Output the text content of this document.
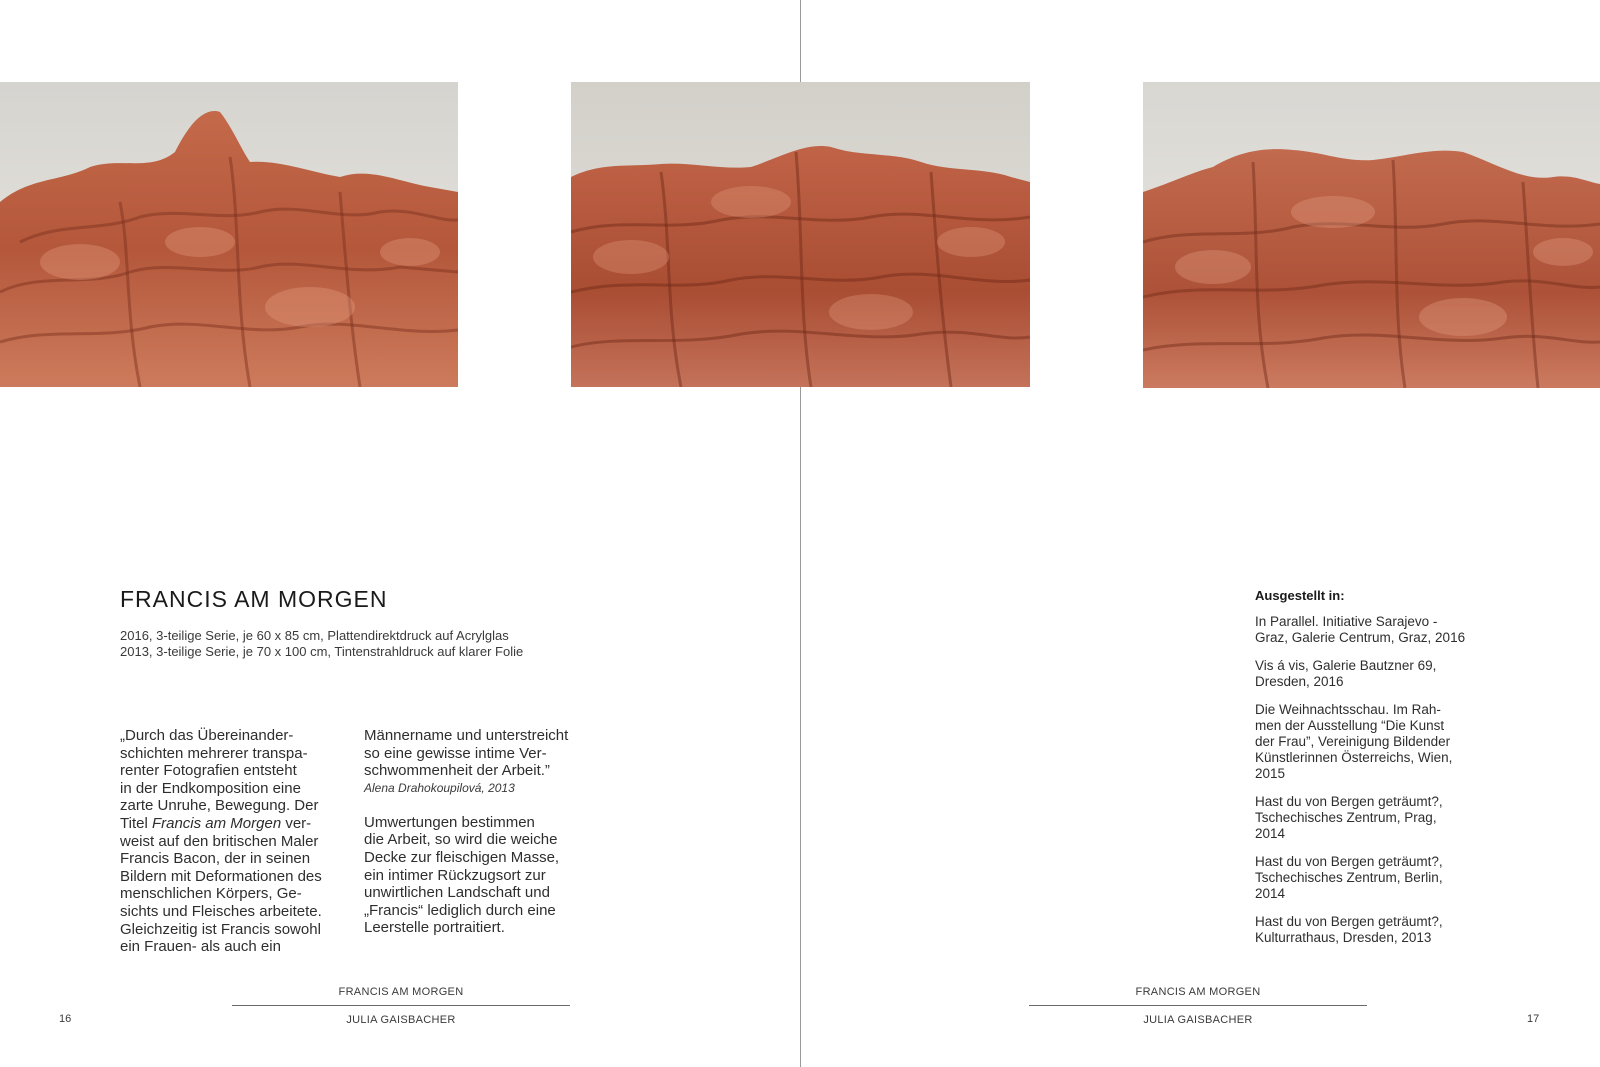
FRANCIS AM MORGEN
2016, 3-teilige Serie, je 60 x 85 cm, Plattendirektdruck auf Acrylglas
2013, 3-teilige Serie, je 70 x 100 cm, Tintenstrahldruck auf klarer Folie
„Durch das Übereinander-
schichten mehrerer transpa-
renter Fotografien entsteht
in der Endkomposition eine
zarte Unruhe, Bewegung. Der
Titel Francis am Morgen ver-
weist auf den britischen Maler
Francis Bacon, der in seinen
Bildern mit Deformationen des
menschlichen Körpers, Ge-
sichts und Fleisches arbeitete.
Gleichzeitig ist Francis sowohl
ein Frauen- als auch ein
Männername und unterstreicht
so eine gewisse intime Ver-
schwommenheit der Arbeit.”
Alena Drahokoupilová, 2013
Umwertungen bestimmen
die Arbeit, so wird die weiche
Decke zur fleischigen Masse,
ein intimer Rückzugsort zur
unwirtlichen Landschaft und
„Francis“ lediglich durch eine
Leerstelle portraitiert.
FRANCIS AM MORGEN
JULIA GAISBACHER
16
Ausgestellt in:
In Parallel. Initiative Sarajevo -
Graz, Galerie Centrum, Graz, 2016
Vis á vis, Galerie Bautzner 69,
Dresden, 2016
Die Weihnachtsschau. Im Rah-
men der Ausstellung “Die Kunst
der Frau”, Vereinigung Bildender
Künstlerinnen Österreichs, Wien,
2015
Hast du von Bergen geträumt?,
Tschechisches Zentrum, Prag,
2014
Hast du von Bergen geträumt?,
Tschechisches Zentrum, Berlin,
2014
Hast du von Bergen geträumt?,
Kulturrathaus, Dresden, 2013
FRANCIS AM MORGEN
JULIA GAISBACHER	17
